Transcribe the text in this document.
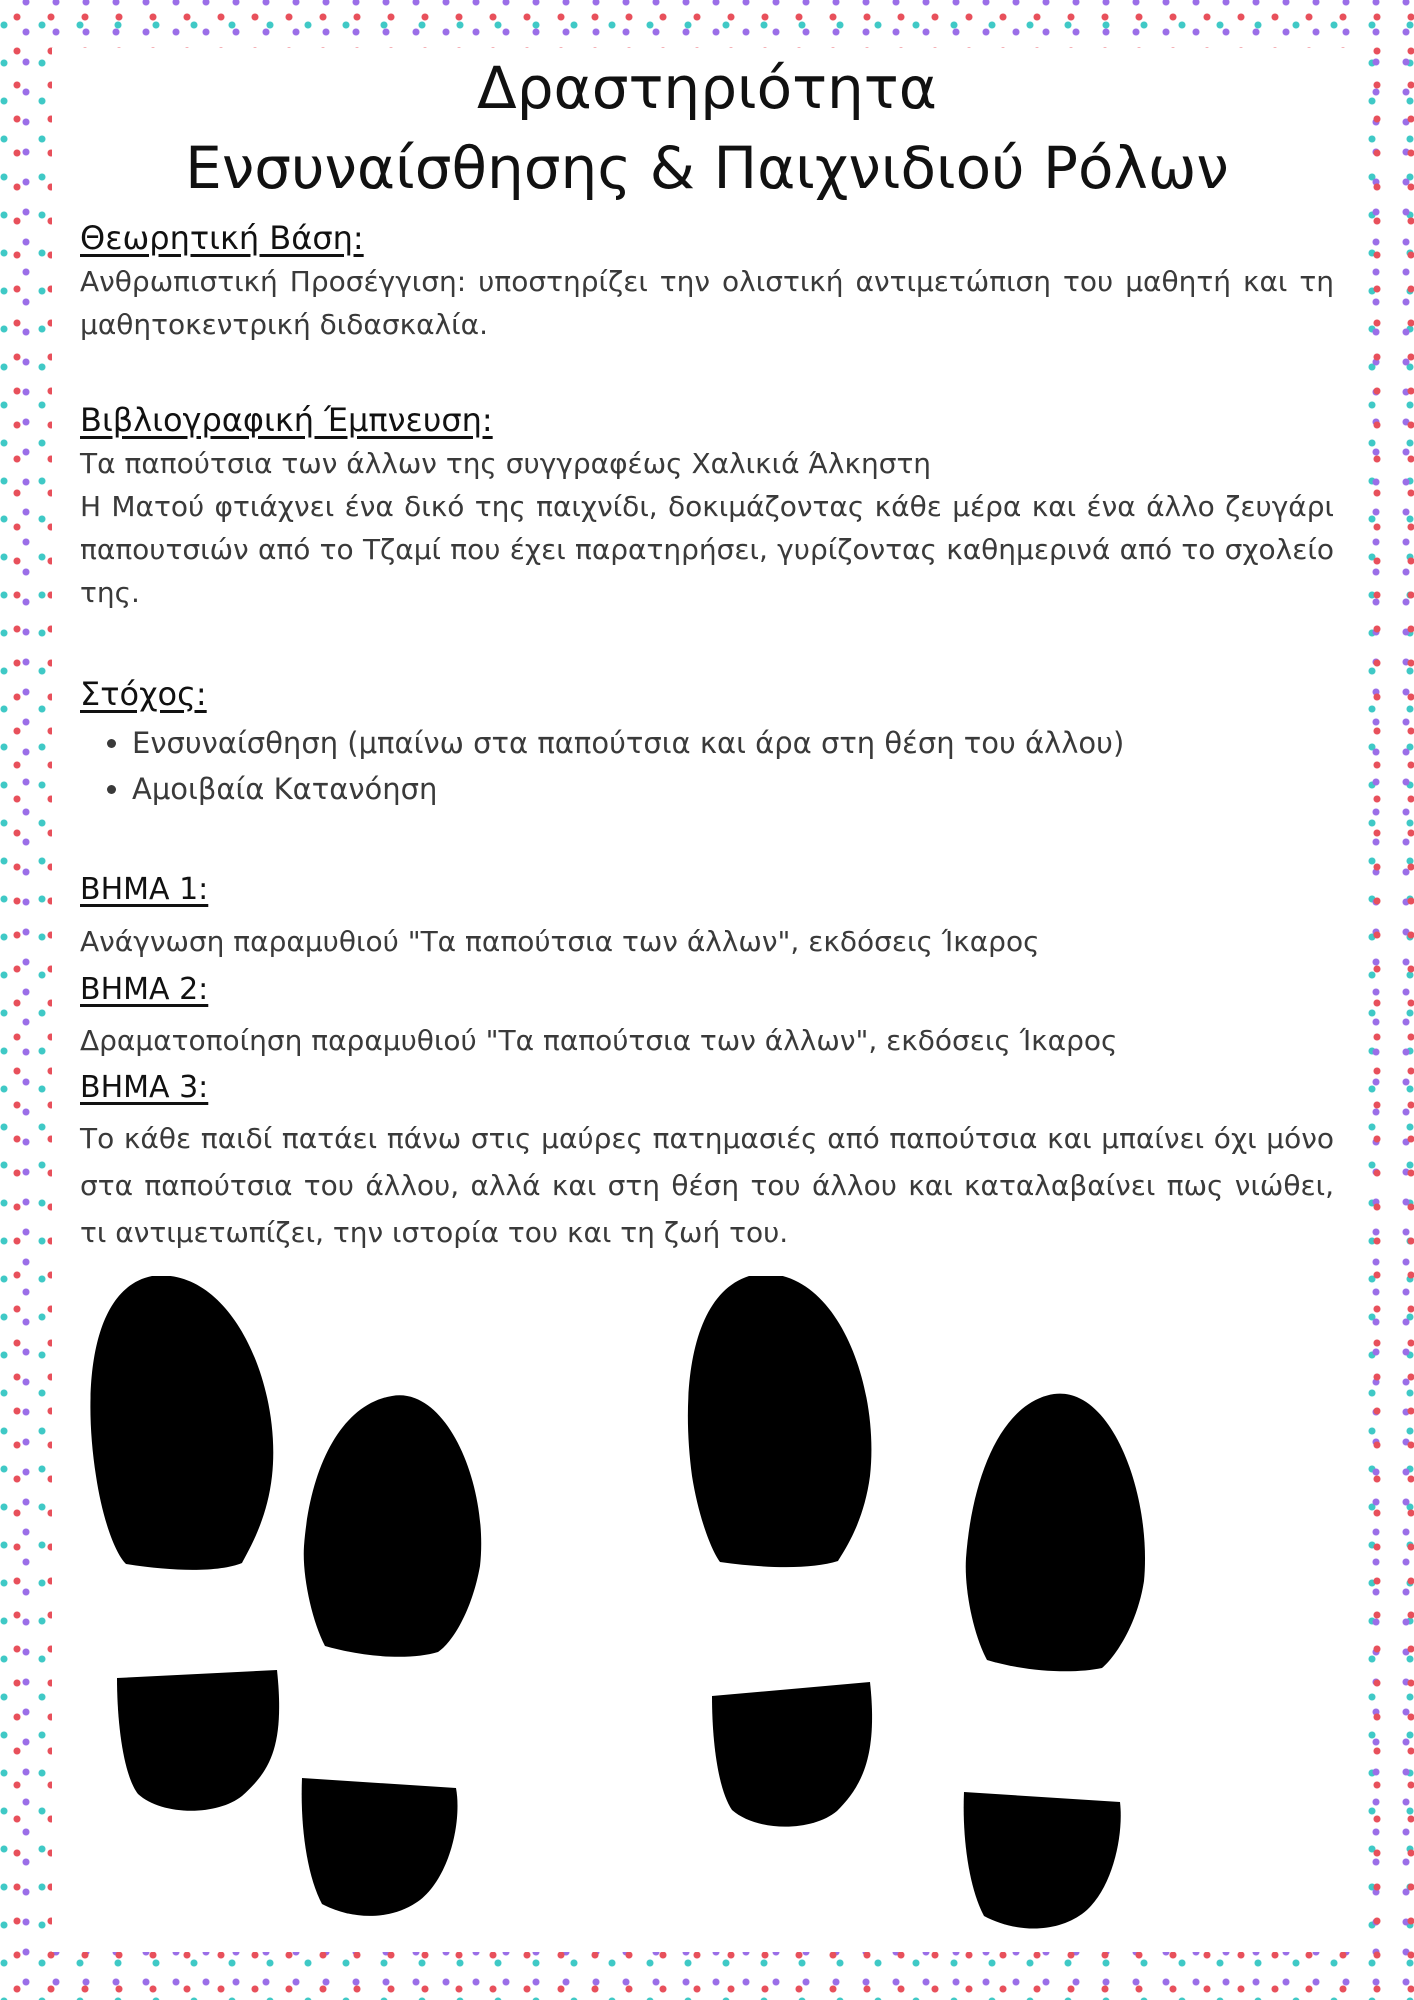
Δραστηριότητα
Ενσυναίσθησης & Παιχνιδιού Ρόλων
Θεωρητική Βάση:
Ανθρωπιστική Προσέγγιση: υποστηρίζει την ολιστική αντιμετώπιση του μαθητή και τη μαθητοκεντρική διδασκαλία.
Βιβλιογραφική Έμπνευση:
Τα παπούτσια των άλλων της συγγραφέως Χαλικιά Άλκηστη
Η Ματού φτιάχνει ένα δικό της παιχνίδι, δοκιμάζοντας κάθε μέρα και ένα άλλο ζευγάρι παπουτσιών από το Τζαμί που έχει παρατηρήσει, γυρίζοντας καθημερινά από το σχολείο της.
Στόχος:
• Ενσυναίσθηση (μπαίνω στα παπούτσια και άρα στη θέση του άλλου)
• Αμοιβαία Κατανόηση
ΒΗΜΑ 1:
Ανάγνωση παραμυθιού "Τα παπούτσια των άλλων", εκδόσεις Ίκαρος
ΒΗΜΑ 2:
Δραματοποίηση παραμυθιού "Τα παπούτσια των άλλων", εκδόσεις Ίκαρος
ΒΗΜΑ 3:
Το κάθε παιδί πατάει πάνω στις μαύρες πατημασιές από παπούτσια και μπαίνει όχι μόνο στα παπούτσια του άλλου, αλλά και στη θέση του άλλου και καταλαβαίνει πως νιώθει, τι αντιμετωπίζει, την ιστορία του και τη ζωή του.
